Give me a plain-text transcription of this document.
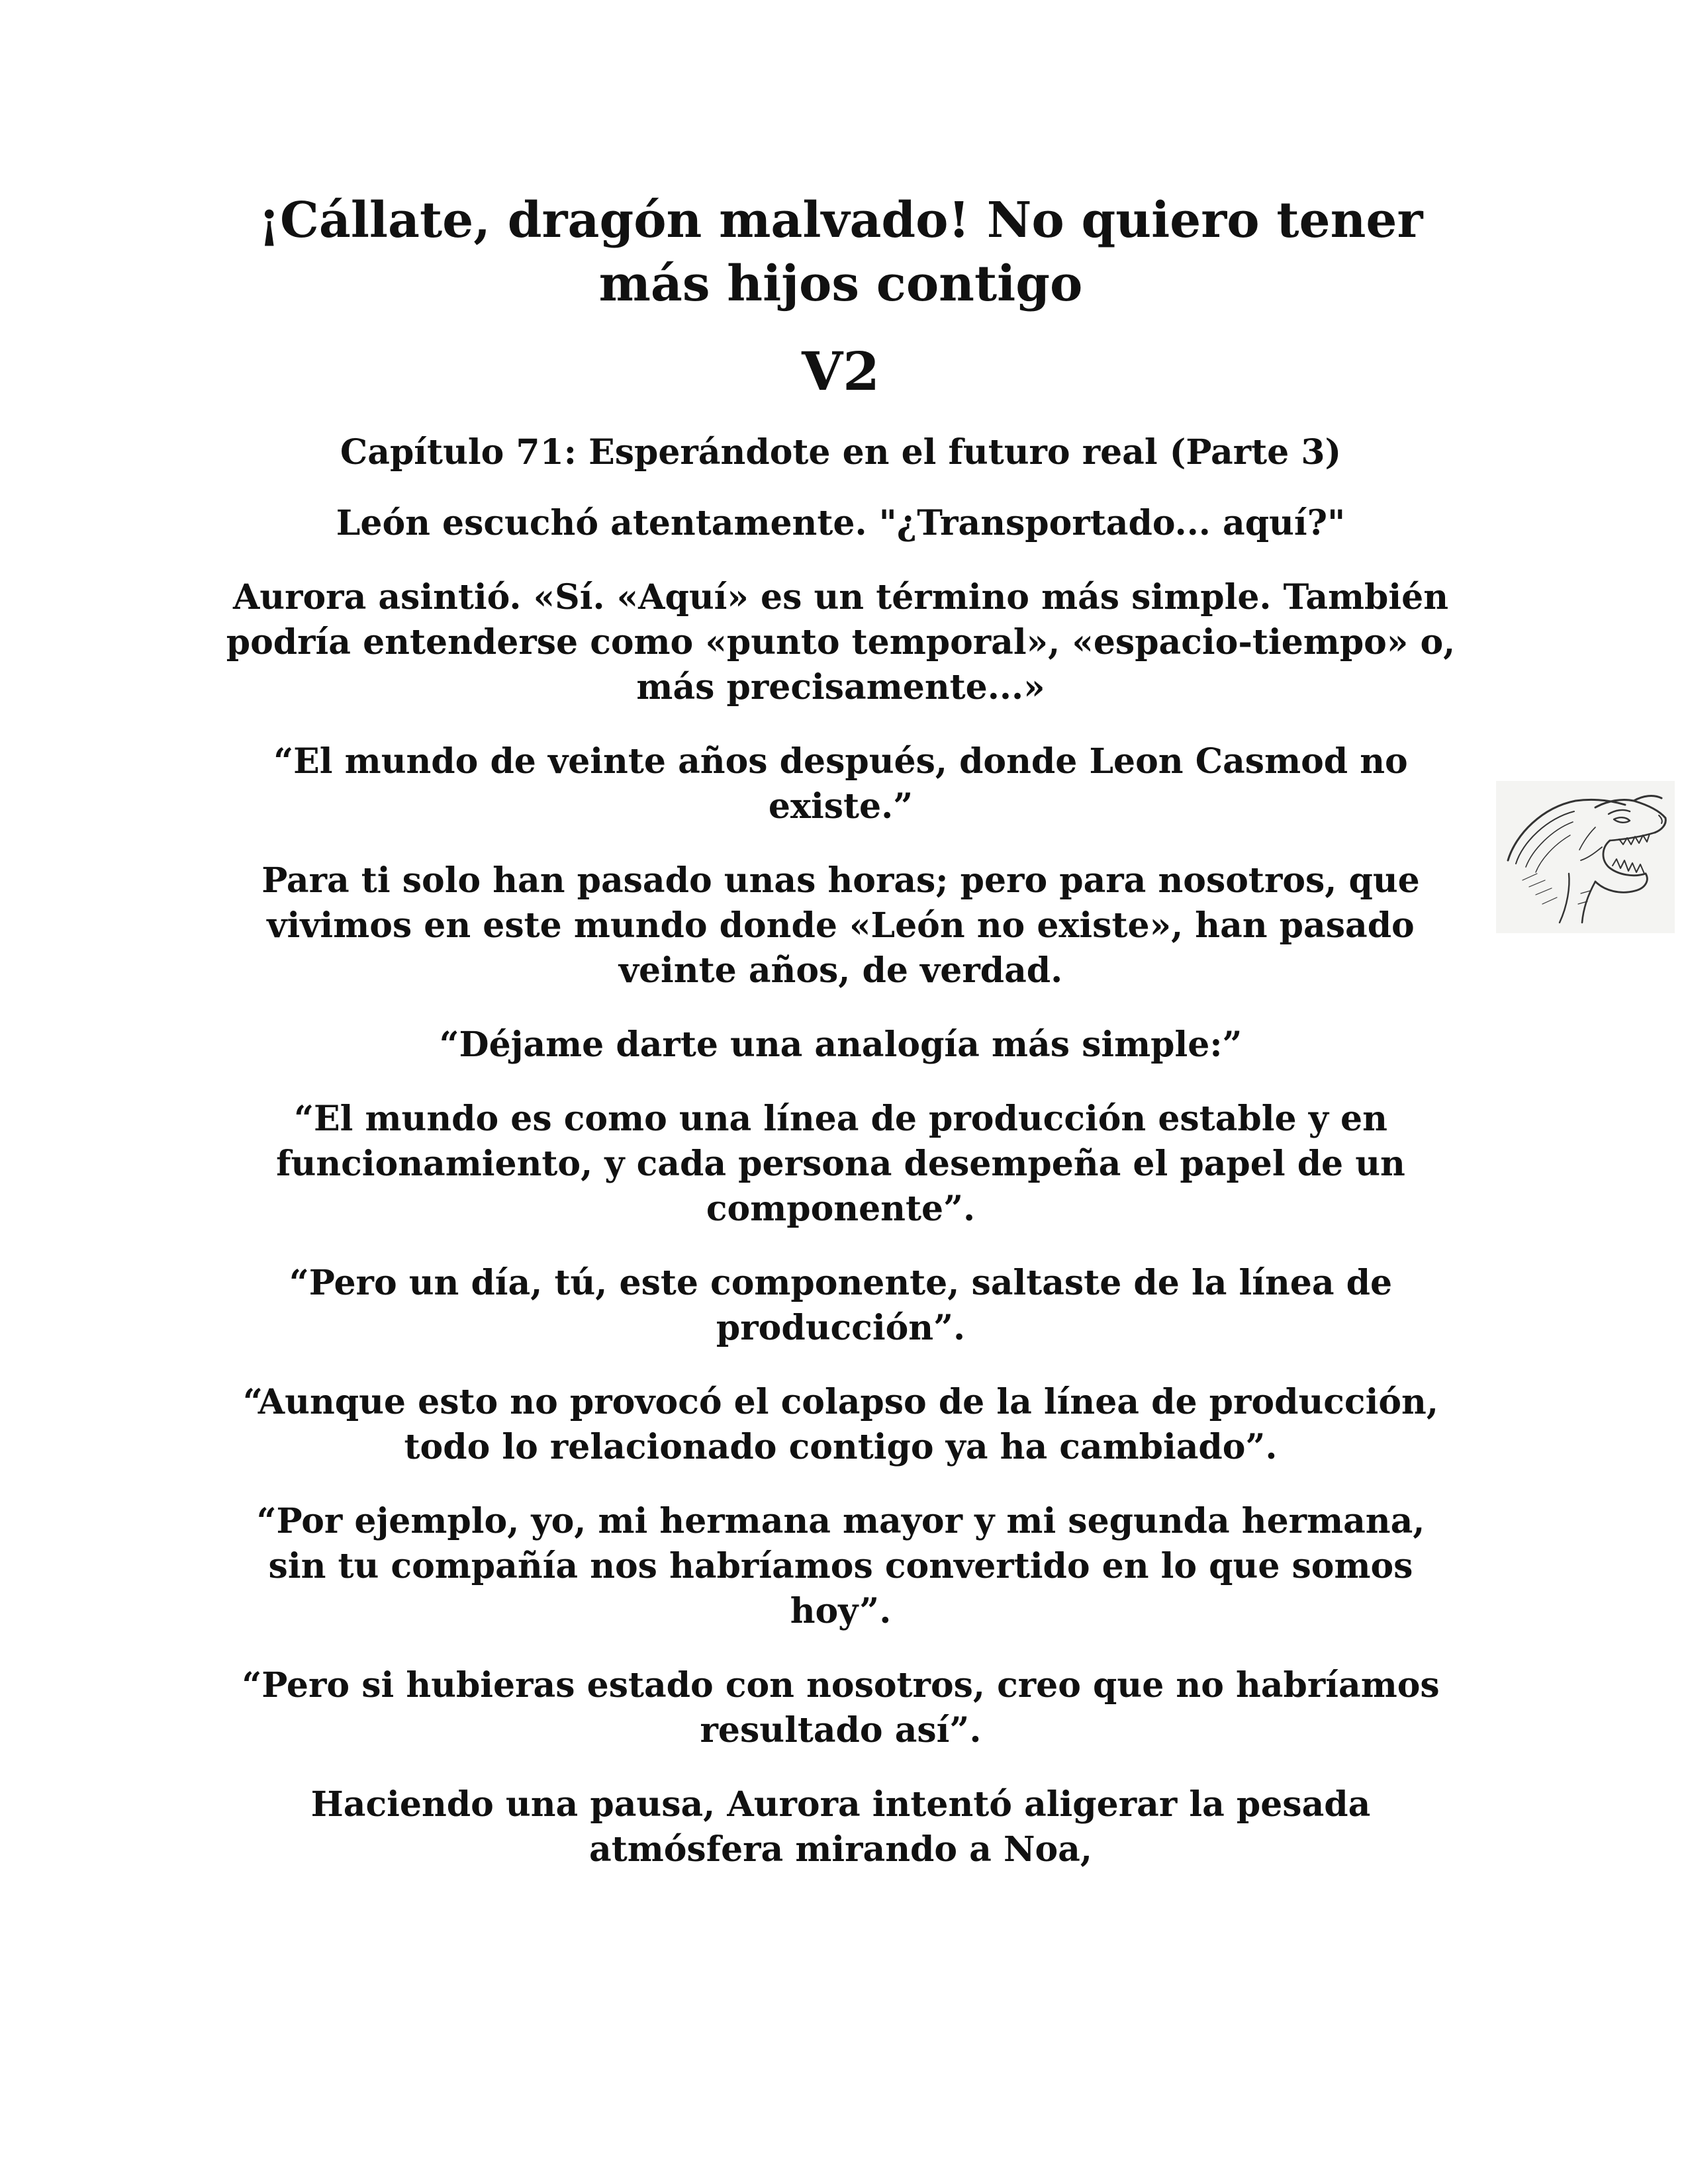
¡Cállate, dragón malvado! No quiero tener más hijos contigo
V2
Capítulo 71: Esperándote en el futuro real (Parte 3)

León escuchó atentamente. "¿Transportado... aquí?"

Aurora asintió. «Sí. «Aquí» es un término más simple. También podría entenderse como «punto temporal», «espacio-tiempo» o, más precisamente...»

“El mundo de veinte años después, donde Leon Casmod no existe.”

Para ti solo han pasado unas horas; pero para nosotros, que vivimos en este mundo donde «León no existe», han pasado veinte años, de verdad.

“Déjame darte una analogía más simple:”

“El mundo es como una línea de producción estable y en funcionamiento, y cada persona desempeña el papel de un componente”.

“Pero un día, tú, este componente, saltaste de la línea de producción”.

“Aunque esto no provocó el colapso de la línea de producción, todo lo relacionado contigo ya ha cambiado”.

“Por ejemplo, yo, mi hermana mayor y mi segunda hermana, sin tu compañía nos habríamos convertido en lo que somos hoy”.

“Pero si hubieras estado con nosotros, creo que no habríamos resultado así”.

Haciendo una pausa, Aurora intentó aligerar la pesada atmósfera mirando a Noa,
